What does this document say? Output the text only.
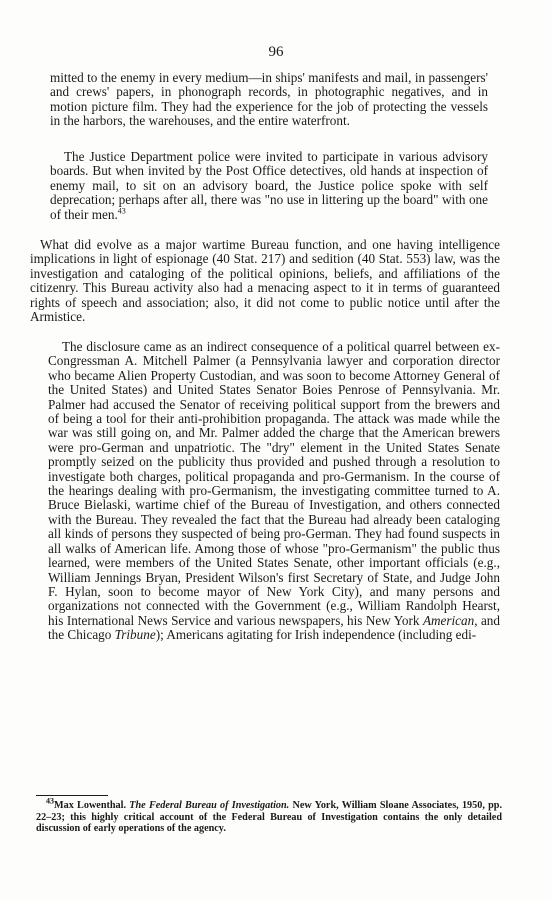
96

mitted to the enemy in every medium—in ships' manifests and mail, in passengers' and crews' papers, in phonograph records, in photographic negatives, and in motion picture film. They had the experience for the job of protecting the vessels in the harbors, the warehouses, and the entire waterfront.

The Justice Department police were invited to participate in various advisory boards. But when invited by the Post Office detectives, old hands at inspection of enemy mail, to sit on an advisory board, the Justice police spoke with self deprecation; perhaps after all, there was "no use in littering up the board" with one of their men.$^{43}$

What did evolve as a major wartime Bureau function, and one having intelligence implications in light of espionage (40 Stat. 217) and sedition (40 Stat. 553) law, was the investigation and cataloging of the political opinions, beliefs, and affiliations of the citizenry. This Bureau activity also had a menacing aspect to it in terms of guaranteed rights of speech and association; also, it did not come to public notice until after the Armistice.

The disclosure came as an indirect consequence of a political quarrel between ex-Congressman A. Mitchell Palmer (a Pennsylvania lawyer and corporation director who became Alien Property Custodian, and was soon to become Attorney General of the United States) and United States Senator Boies Penrose of Pennsylvania. Mr. Palmer had accused the Senator of receiving political support from the brewers and of being a tool for their anti-prohibition propaganda. The attack was made while the war was still going on, and Mr. Palmer added the charge that the American brewers were pro-German and unpatriotic. The "dry" element in the United States Senate promptly seized on the publicity thus provided and pushed through a resolution to investigate both charges, political propaganda and pro-Germanism. In the course of the hearings dealing with pro-Germanism, the investigating committee turned to A. Bruce Bielaski, wartime chief of the Bureau of Investigation, and others connected with the Bureau. They revealed the fact that the Bureau had already been cataloging all kinds of persons they suspected of being pro-German. They had found suspects in all walks of American life. Among those of whose "pro-Germanism" the public thus learned, were members of the United States Senate, other important officials (e.g., William Jennings Bryan, President Wilson's first Secretary of State, and Judge John F. Hylan, soon to become mayor of New York City), and many persons and organizations not connected with the Government (e.g., William Randolph Hearst, his International News Service and various newspapers, his New York American, and the Chicago Tribune); Americans agitating for Irish independence (including edi-

$^{43}$Max Lowenthal. The Federal Bureau of Investigation. New York, William Sloane Associates, 1950, pp. 22–23; this highly critical account of the Federal Bureau of Investigation contains the only detailed discussion of early operations of the agency.
